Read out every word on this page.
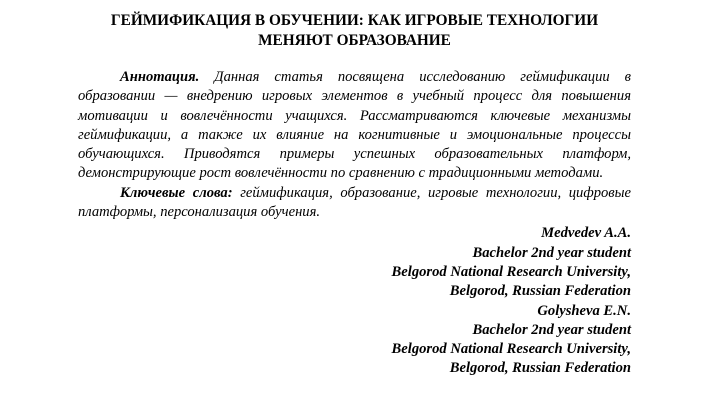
ГЕЙМИФИКАЦИЯ В ОБУЧЕНИИ: КАК ИГРОВЫЕ ТЕХНОЛОГИИ
МЕНЯЮТ ОБРАЗОВАНИЕ

Аннотация. Данная статья посвящена исследованию геймификации в образовании — внедрению игровых элементов в учебный процесс для повышения мотивации и вовлечённости учащихся. Рассматриваются ключевые механизмы геймификации, а также их влияние на когнитивные и эмоциональные процессы обучающихся. Приводятся примеры успешных образовательных платформ, демонстрирующие рост вовлечённости по сравнению с традиционными методами.

Ключевые слова: геймификация, образование, игровые технологии, цифровые платформы, персонализация обучения.

Medvedev A.A.
Bachelor 2nd year student
Belgorod National Research University,
Belgorod, Russian Federation
Golysheva E.N.
Bachelor 2nd year student
Belgorod National Research University,
Belgorod, Russian Federation
